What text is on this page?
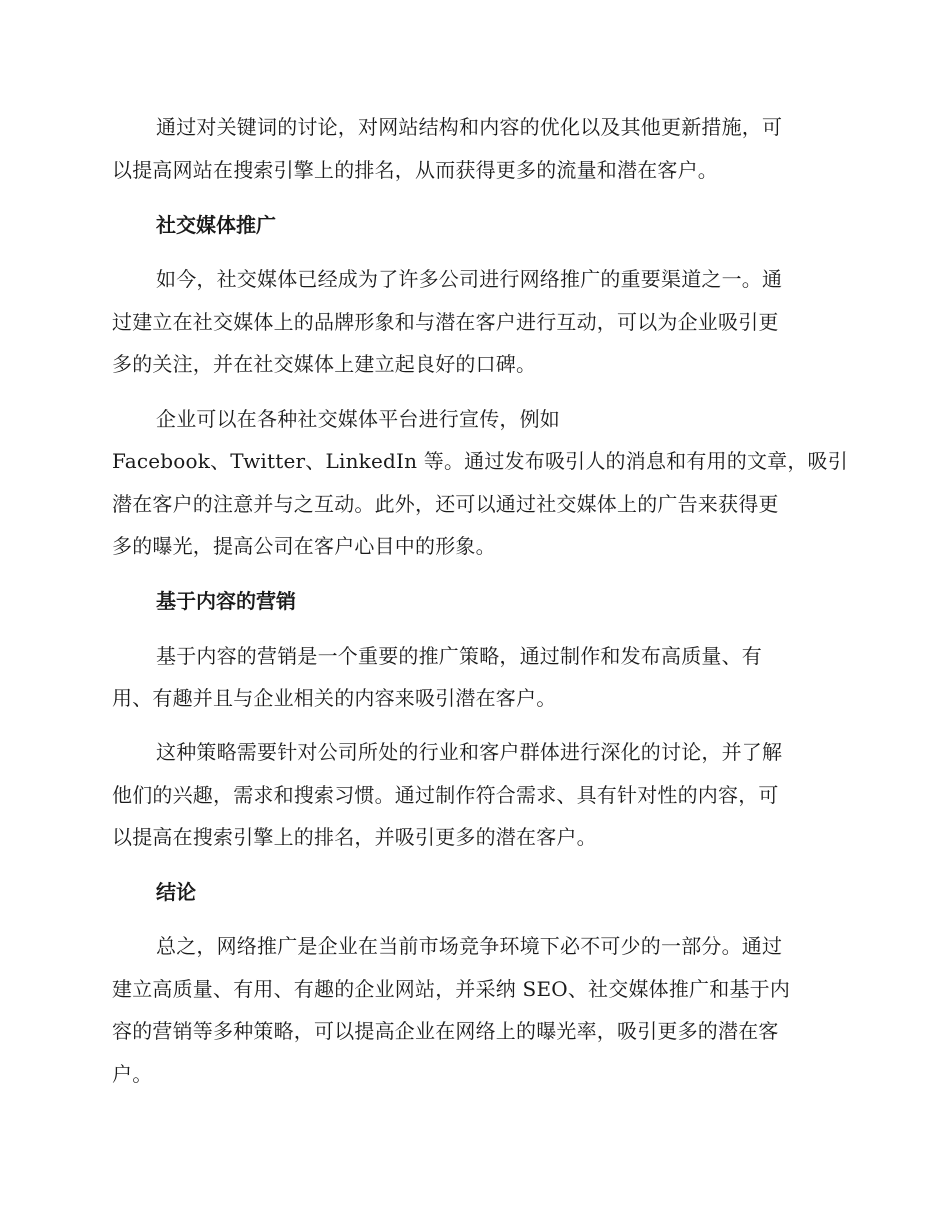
通过对关键词的讨论，对网站结构和内容的优化以及其他更新措施，可
以提高网站在搜索引擎上的排名，从而获得更多的流量和潜在客户。
社交媒体推广
如今，社交媒体已经成为了许多公司进行网络推广的重要渠道之一。通
过建立在社交媒体上的品牌形象和与潜在客户进行互动，可以为企业吸引更
多的关注，并在社交媒体上建立起良好的口碑。
企业可以在各种社交媒体平台进行宣传，例如
Facebook、Twitter、LinkedIn 等。通过发布吸引人的消息和有用的文章，吸引
潜在客户的注意并与之互动。此外，还可以通过社交媒体上的广告来获得更
多的曝光，提高公司在客户心目中的形象。
基于内容的营销
基于内容的营销是一个重要的推广策略，通过制作和发布高质量、有
用、有趣并且与企业相关的内容来吸引潜在客户。
这种策略需要针对公司所处的行业和客户群体进行深化的讨论，并了解
他们的兴趣，需求和搜索习惯。通过制作符合需求、具有针对性的内容，可
以提高在搜索引擎上的排名，并吸引更多的潜在客户。
结论
总之，网络推广是企业在当前市场竞争环境下必不可少的一部分。通过
建立高质量、有用、有趣的企业网站，并采纳 SEO、社交媒体推广和基于内
容的营销等多种策略，可以提高企业在网络上的曝光率，吸引更多的潜在客
户。
